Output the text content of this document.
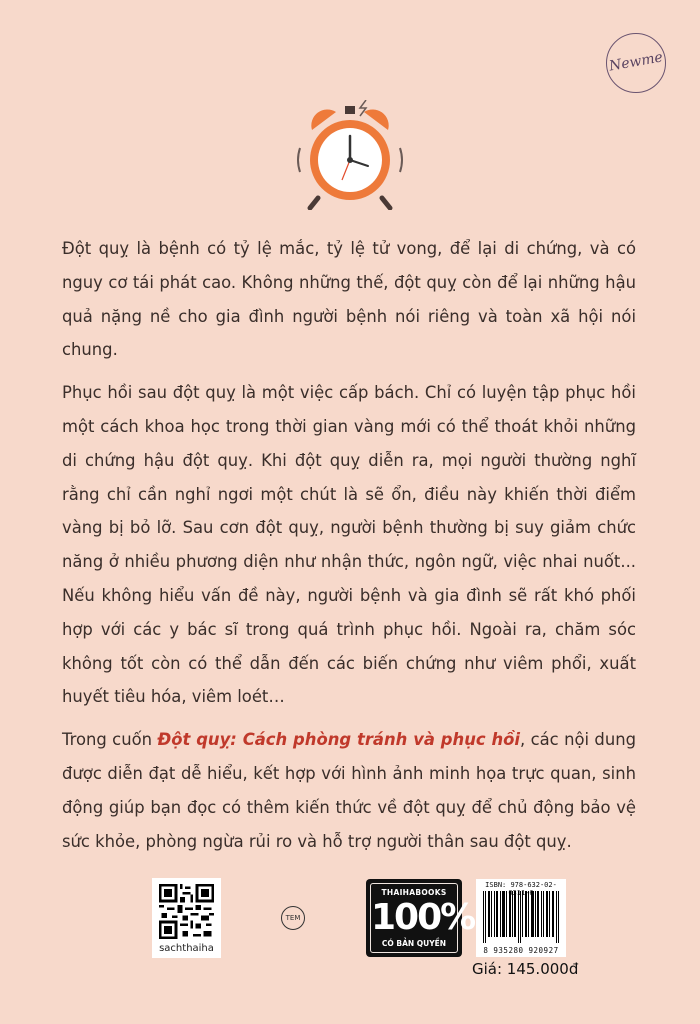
Newme

Đột quỵ là bệnh có tỷ lệ mắc, tỷ lệ tử vong, để lại di chứng, và có nguy cơ tái phát cao. Không những thế, đột quỵ còn để lại những hậu quả nặng nề cho gia đình người bệnh nói riêng và toàn xã hội nói chung.

Phục hồi sau đột quỵ là một việc cấp bách. Chỉ có luyện tập phục hồi một cách khoa học trong thời gian vàng mới có thể thoát khỏi những di chứng hậu đột quỵ. Khi đột quỵ diễn ra, mọi người thường nghĩ rằng chỉ cần nghỉ ngơi một chút là sẽ ổn, điều này khiến thời điểm vàng bị bỏ lỡ. Sau cơn đột quỵ, người bệnh thường bị suy giảm chức năng ở nhiều phương diện như nhận thức, ngôn ngữ, việc nhai nuốt... Nếu không hiểu vấn đề này, người bệnh và gia đình sẽ rất khó phối hợp với các y bác sĩ trong quá trình phục hồi. Ngoài ra, chăm sóc không tốt còn có thể dẫn đến các biến chứng như viêm phổi, xuất huyết tiêu hóa, viêm loét…

Trong cuốn Đột quỵ: Cách phòng tránh và phục hồi, các nội dung được diễn đạt dễ hiểu, kết hợp với hình ảnh minh họa trực quan, sinh động giúp bạn đọc có thêm kiến thức về đột quỵ để chủ động bảo vệ sức khỏe, phòng ngừa rủi ro và hỗ trợ người thân sau đột quỵ.

sachthaiha
TEM
THAIHABOOKS
100%
CÓ BẢN QUYỀN
ISBN: 978-632-02- 311-6
8 935280 920927
Giá: 145.000đ
